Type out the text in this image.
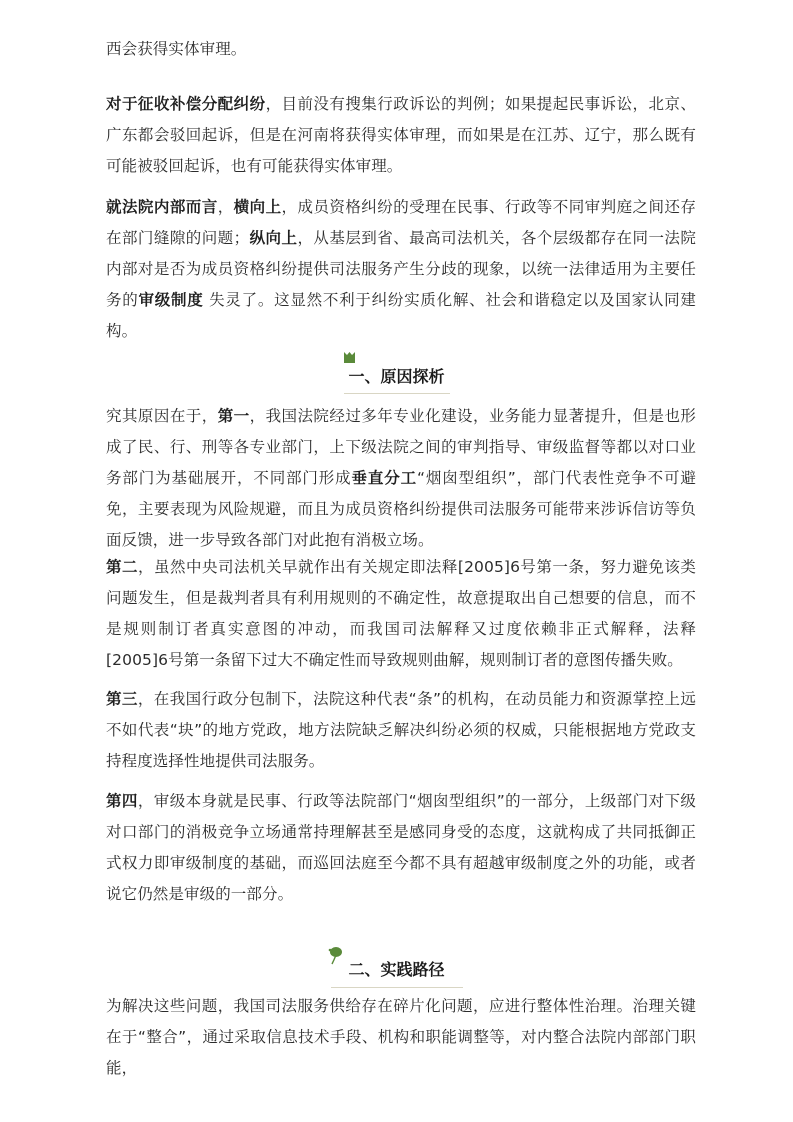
西会获得实体审理。

对于征收补偿分配纠纷，目前没有搜集行政诉讼的判例；如果提起民事诉讼，北京、广东都会驳回起诉，但是在河南将获得实体审理，而如果是在江苏、辽宁，那么既有可能被驳回起诉，也有可能获得实体审理。

就法院内部而言，横向上，成员资格纠纷的受理在民事、行政等不同审判庭之间还存在部门缝隙的问题；纵向上，从基层到省、最高司法机关，各个层级都存在同一法院内部对是否为成员资格纠纷提供司法服务产生分歧的现象，以统一法律适用为主要任务的审级制度 失灵了。这显然不利于纠纷实质化解、社会和谐稳定以及国家认同建构。

一、原因探析

究其原因在于，第一，我国法院经过多年专业化建设，业务能力显著提升，但是也形成了民、行、刑等各专业部门，上下级法院之间的审判指导、审级监督等都以对口业务部门为基础展开，不同部门形成垂直分工“烟囱型组织”，部门代表性竞争不可避免，主要表现为风险规避，而且为成员资格纠纷提供司法服务可能带来涉诉信访等负面反馈，进一步导致各部门对此抱有消极立场。

第二，虽然中央司法机关早就作出有关规定即法释[2005]6号第一条，努力避免该类问题发生，但是裁判者具有利用规则的不确定性，故意提取出自己想要的信息，而不是规则制订者真实意图的冲动，而我国司法解释又过度依赖非正式解释，法释[2005]6号第一条留下过大不确定性而导致规则曲解，规则制订者的意图传播失败。

第三，在我国行政分包制下，法院这种代表“条”的机构，在动员能力和资源掌控上远不如代表“块”的地方党政，地方法院缺乏解决纠纷必须的权威，只能根据地方党政支持程度选择性地提供司法服务。

第四，审级本身就是民事、行政等法院部门“烟囱型组织”的一部分，上级部门对下级对口部门的消极竞争立场通常持理解甚至是感同身受的态度，这就构成了共同抵御正式权力即审级制度的基础，而巡回法庭至今都不具有超越审级制度之外的功能，或者说它仍然是审级的一部分。

二、实践路径

为解决这些问题，我国司法服务供给存在碎片化问题，应进行整体性治理。治理关键在于“整合”，通过采取信息技术手段、机构和职能调整等，对内整合法院内部部门职能，
